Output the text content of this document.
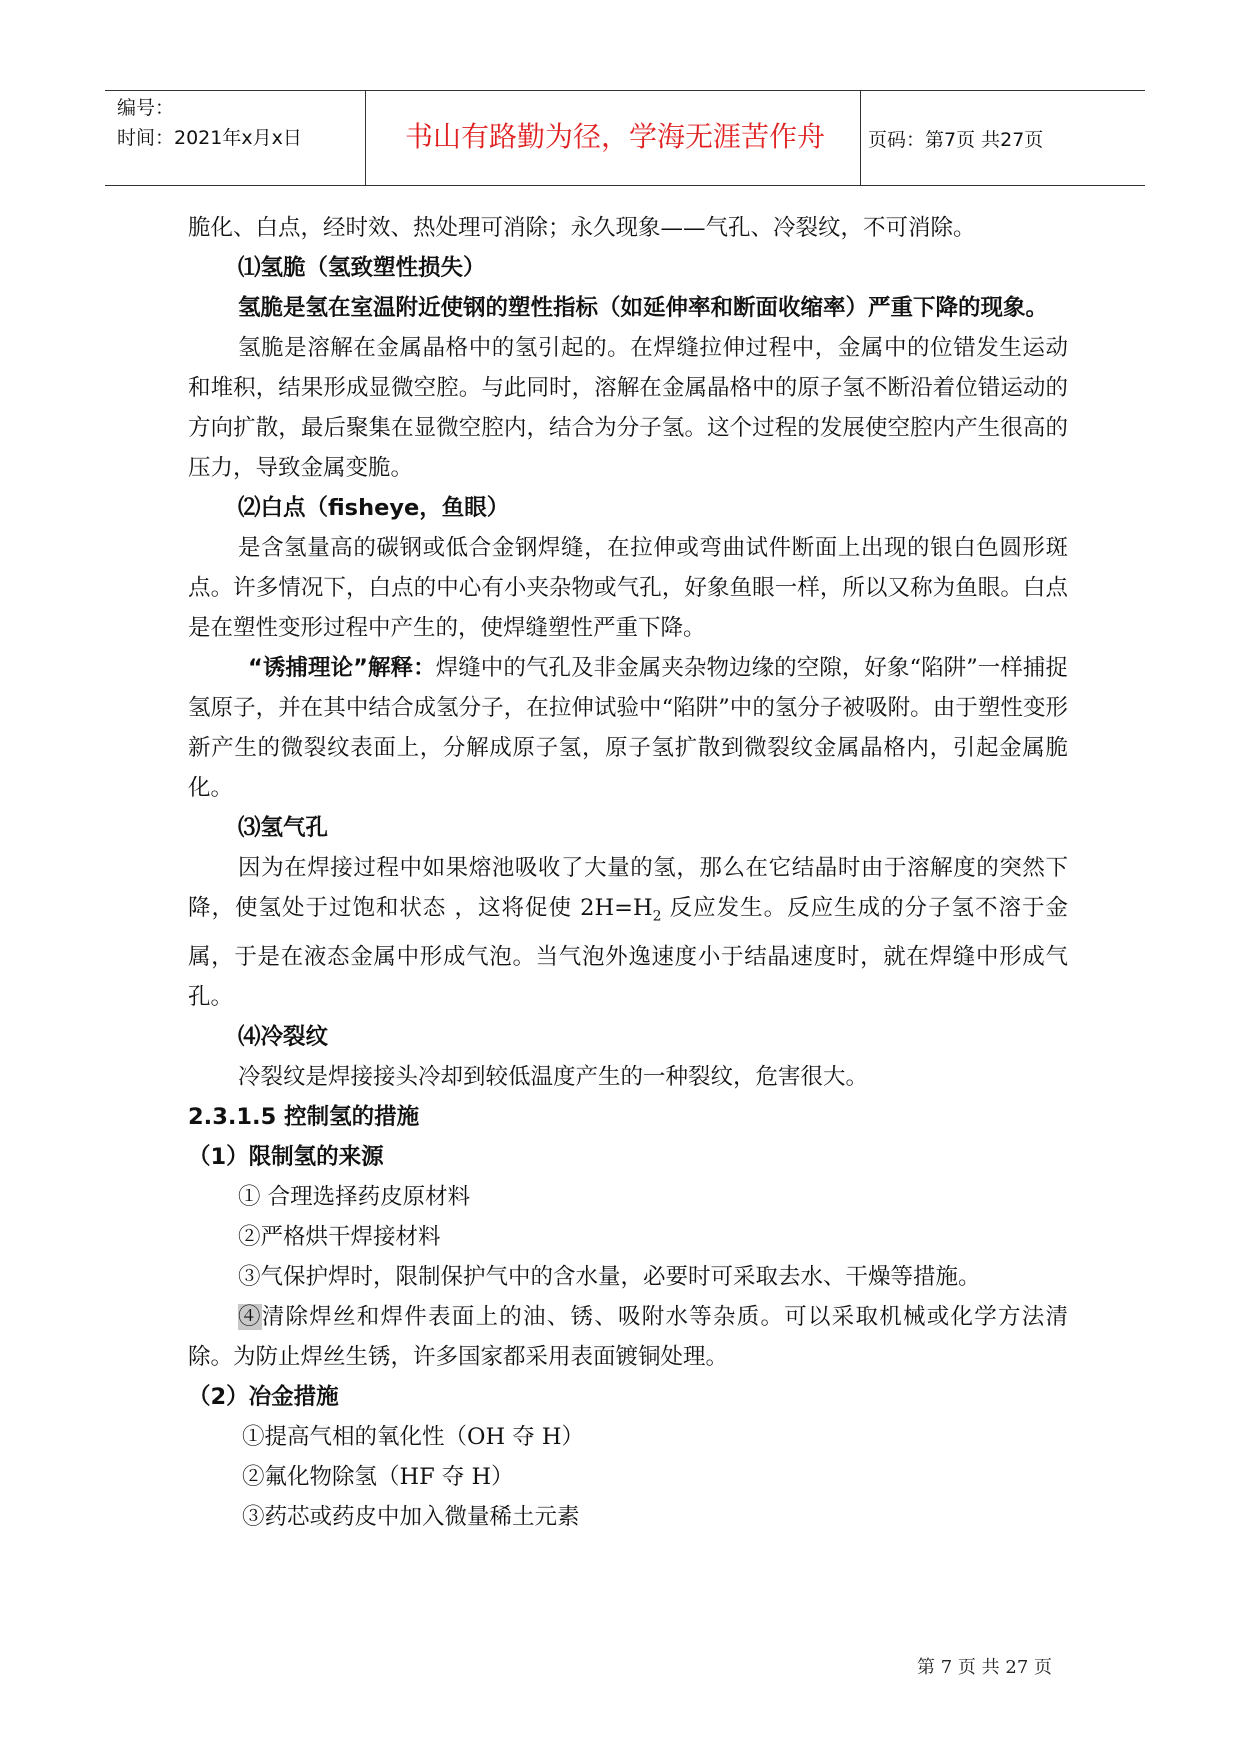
编号：
时间：2021年x月x日	书山有路勤为径，学海无涯苦作舟	页码：第7页 共27页

脆化、白点，经时效、热处理可消除；永久现象——气孔、冷裂纹，不可消除。

⑴氢脆（氢致塑性损失）

氢脆是氢在室温附近使钢的塑性指标（如延伸率和断面收缩率）严重下降的现象。

氢脆是溶解在金属晶格中的氢引起的。在焊缝拉伸过程中，金属中的位错发生运动和堆积，结果形成显微空腔。与此同时，溶解在金属晶格中的原子氢不断沿着位错运动的方向扩散，最后聚集在显微空腔内，结合为分子氢。这个过程的发展使空腔内产生很高的压力，导致金属变脆。

⑵白点（fisheye，鱼眼）

是含氢量高的碳钢或低合金钢焊缝，在拉伸或弯曲试件断面上出现的银白色圆形斑点。许多情况下，白点的中心有小夹杂物或气孔，好象鱼眼一样，所以又称为鱼眼。白点是在塑性变形过程中产生的，使焊缝塑性严重下降。

“诱捕理论”解释：焊缝中的气孔及非金属夹杂物边缘的空隙，好象“陷阱”一样捕捉氢原子，并在其中结合成氢分子，在拉伸试验中“陷阱”中的氢分子被吸附。由于塑性变形新产生的微裂纹表面上，分解成原子氢，原子氢扩散到微裂纹金属晶格内，引起金属脆化。

⑶氢气孔

因为在焊接过程中如果熔池吸收了大量的氢，那么在它结晶时由于溶解度的突然下降，使氢处于过饱和状态 ，这将促使 $2H=H_2$ 反应发生。反应生成的分子氢不溶于金属，于是在液态金属中形成气泡。当气泡外逸速度小于结晶速度时，就在焊缝中形成气孔。

⑷冷裂纹

冷裂纹是焊接接头冷却到较低温度产生的一种裂纹，危害很大。

2.3.1.5 控制氢的措施

（1）限制氢的来源

① 合理选择药皮原材料

②严格烘干焊接材料

③气保护焊时，限制保护气中的含水量，必要时可采取去水、干燥等措施。

④清除焊丝和焊件表面上的油、锈、吸附水等杂质。可以采取机械或化学方法清除。为防止焊丝生锈，许多国家都采用表面镀铜处理。

（2）冶金措施

①提高气相的氧化性（OH 夺 H）

②氟化物除氢（HF 夺 H）

③药芯或药皮中加入微量稀土元素

第 7 页 共 27 页
